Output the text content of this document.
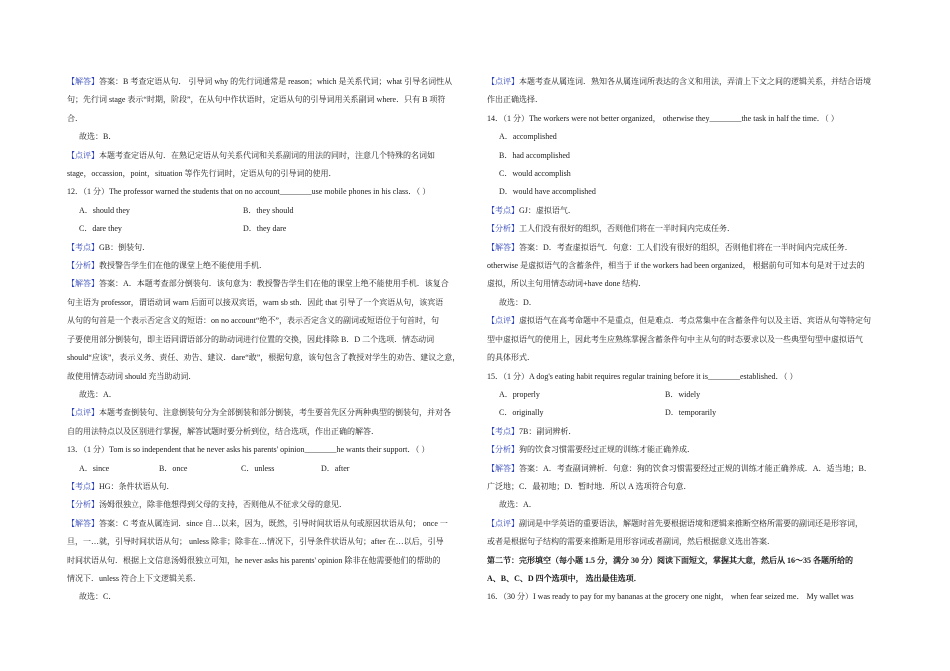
【解答】答案：B 考查定语从句． 引导词 why 的先行词通常是 reason；which 是关系代词；what 引导名词性从

句；先行词 stage 表示“时期，阶段”，在从句中作状语时，定语从句的引导词用关系副词 where．只有 B 项符

合．

故选：B．

【点评】本题考查定语从句．在熟记定语从句关系代词和关系副词的用法的同时，注意几个特殊的名词如

stage，occassion，point，situation 等作先行词时，定语从句的引导词的使用．

12．（1 分）The professor warned the students that on no account________use mobile phones in his class．（ ）

A．should they	B．they should
C．dare they	D．they dare

【考点】GB：倒装句．

【分析】教授警告学生们在他的课堂上绝不能使用手机．

【解答】答案：A．本题考查部分倒装句．该句意为：教授警告学生们在他的课堂上绝不能使用手机．该复合

句主语为 professor，谓语动词 warn 后面可以接双宾语，warn sb sth．因此 that 引导了一个宾语从句，该宾语

从句的句首是一个表示否定含义的短语：on no account“绝不”，表示否定含义的副词或短语位于句首时，句

子要使用部分倒装句，即主语同谓语部分的助动词进行位置的交换，因此排除 B．D 二个选项．情态动词

should“应该”，表示义务、责任、劝告、建议．dare“敢”，根据句意，该句包含了教授对学生的劝告、建议之意，

故使用情态动词 should 充当助动词．

故选：A．

【点评】本题考查倒装句、注意倒装句分为全部倒装和部分倒装，考生要首先区分两种典型的倒装句，并对各

自的用法特点以及区别进行掌握，解答试题时要分析到位，结合选项，作出正确的解答．

13．（1 分）Tom is so independent that he never asks his parents' opinion________he wants their support．（ ）

A．since	B．once	C．unless	D．after

【考点】HG：条件状语从句．

【分析】汤姆很独立，除非他想得到父母的支持，否则他从不征求父母的意见．

【解答】答案：C 考查从属连词．since 自…以来，因为，既然，引导时间状语从句或原因状语从句； once 一

旦，一…就，引导时间状语从句； unless 除非；除非在…情况下，引导条件状语从句；after 在…以后，引导

时间状语从句．根据上文信息汤姆很独立可知，he never asks his parents' opinion 除非在他需要他们的帮助的

情况下．unless 符合上下文逻辑关系．

故选：C．

【点评】本题考查从属连词．熟知各从属连词所表达的含义和用法，弄清上下文之间的逻辑关系，并结合语境

作出正确选择．

14．（1 分）The workers were not better organized， otherwise they________the task in half the time．（ ）

A．accomplished

B．had accomplished

C．would accomplish

D．would have accomplished

【考点】GJ：虚拟语气．

【分析】工人们没有很好的组织，否则他们将在一半时间内完成任务．

【解答】答案：D．考查虚拟语气．句意：工人们没有很好的组织，否则他们将在一半时间内完成任务．

otherwise 是虚拟语气的含蓄条件，相当于 if the workers had been organized， 根据前句可知本句是对于过去的

虚拟，所以主句用情态动词+have done 结构．

故选：D．

【点评】虚拟语气在高考命题中不是重点，但是难点．考点常集中在含蓄条件句以及主语、宾语从句等特定句

型中虚拟语气的使用上，因此考生应熟练掌握含蓄条件句中主从句的时态要求以及一些典型句型中虚拟语气

的具体形式．

15．（1 分）A dog's eating habit requires regular training before it is________established．（ ）

A．properly	B．widely
C．originally	D．temporarily

【考点】7B：副词辨析．

【分析】狗的饮食习惯需要经过正规的训练才能正确养成．

【解答】答案：A．考查副词辨析．句意：狗的饮食习惯需要经过正规的训练才能正确养成．A．适当地；B．

广泛地；C．最初地；D．暂时地．所以 A 选项符合句意．

故选：A．

【点评】副词是中学英语的重要语法，解题时首先要根据语境和逻辑来推断空格所需要的副词还是形容词，

或者是根据句子结构的需要来推断是用形容词或者副词，然后根据意义选出答案．

第二节：完形填空（每小题 1.5 分，满分 30 分）阅读下面短文，掌握其大意，然后从 16～35 各题所给的

A、B、C、D 四个选项中， 选出最佳选项．

16．（30 分）I was ready to pay for my bananas at the grocery one night， when fear seized me． My wallet was
